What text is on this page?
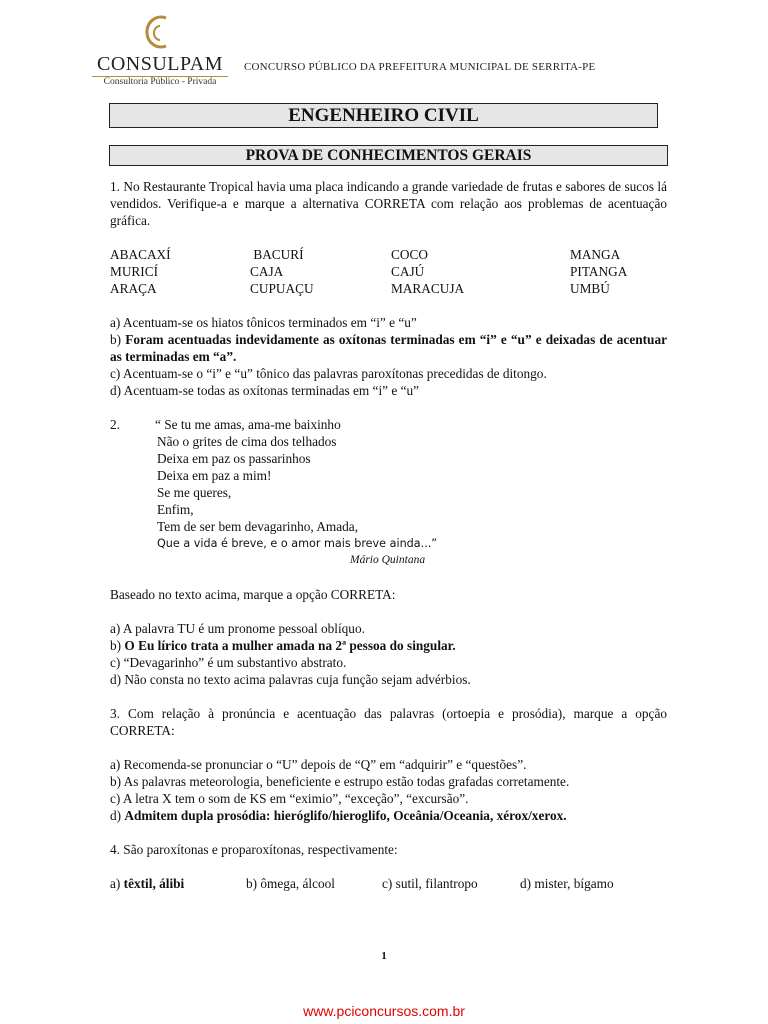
CONSULPAM
Consultoria Público - Privada
CONCURSO PÚBLICO DA PREFEITURA MUNICIPAL DE SERRITA-PE
ENGENHEIRO CIVIL
PROVA DE CONHECIMENTOS GERAIS

1. No Restaurante Tropical havia uma placa indicando a grande variedade de frutas e sabores de sucos lá vendidos. Verifique-a e marque a alternativa CORRETA com relação aos problemas de acentuação gráfica.

ABACAXÍ	BACURÍ	COCO	MANGA
MURICÍ	CAJA	CAJÚ	PITANGA
ARAÇA	CUPUAÇU	MARACUJA	UMBÚ

a) Acentuam-se os hiatos tônicos terminados em “i” e “u”

b) Foram acentuadas indevidamente as oxítonas terminadas em “i” e “u” e deixadas de acentuar as terminadas em “a”.

c) Acentuam-se o “i” e “u” tônico das palavras paroxítonas precedidas de ditongo.

d) Acentuam-se todas as oxítonas terminadas em “i” e “u”

2.	“ Se tu me amas, ama-me baixinho

Não o grites de cima dos telhados

Deixa em paz os passarinhos

Deixa em paz a mim!

Se me queres,

Enfim,

Tem de ser bem devagarinho, Amada,

Que a vida é breve, e o amor mais breve ainda...”

Mário Quintana

Baseado no texto acima, marque a opção CORRETA:

a) A palavra TU é um pronome pessoal oblíquo.

b) O Eu lírico trata a mulher amada na 2ª pessoa do singular.

c) “Devagarinho” é um substantivo abstrato.

d) Não consta no texto acima palavras cuja função sejam advérbios.

3. Com relação à pronúncia e acentuação das palavras (ortoepia e prosódia), marque a opção CORRETA:

a) Recomenda-se pronunciar o “U” depois de “Q” em “adquirir” e “questões”.

b) As palavras meteorologia, beneficiente e estrupo estão todas grafadas corretamente.

c) A letra X tem o som de KS em “eximio”, “exceção”, “excursão”.

d) Admitem dupla prosódia: hieróglifo/hieroglifo, Oceânia/Oceania, xérox/xerox.

4. São paroxítonas e proparoxítonas, respectivamente:

a) têxtil, álibi	b) ômega, álcool	c) sutil, filantropo	d) mister, bígamo
1
www.pciconcursos.com.br
